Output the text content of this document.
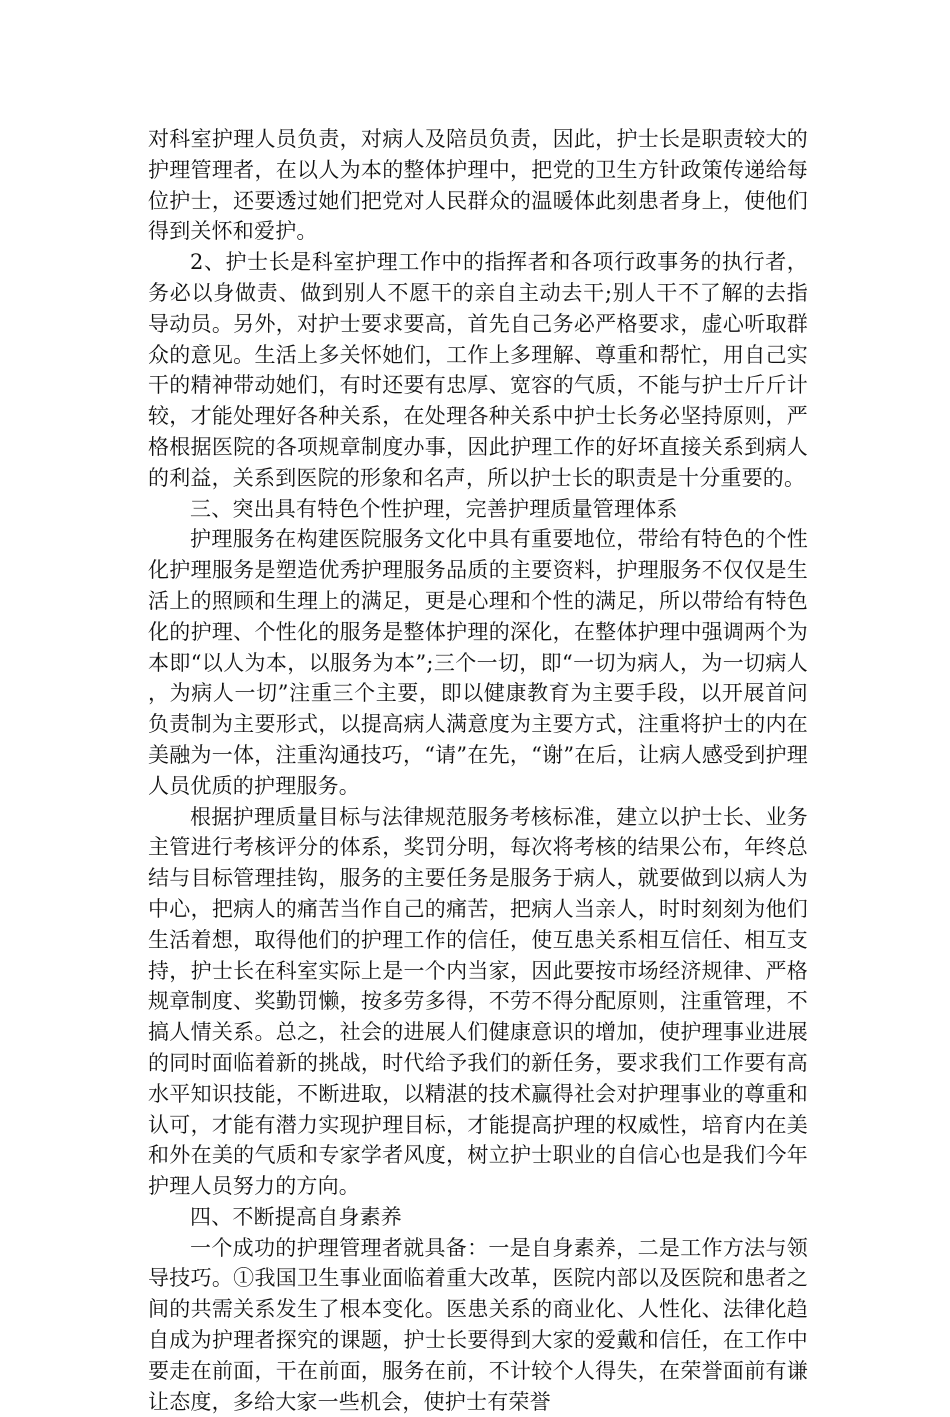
对科室护理人员负责，对病人及陪员负责，因此，护士长是职责较大的护理管理者，在以人为本的整体护理中，把党的卫生方针政策传递给每位护士，还要透过她们把党对人民群众的温暖体此刻患者身上，使他们得到关怀和爱护。

2、护士长是科室护理工作中的指挥者和各项行政事务的执行者，务必以身做责、做到别人不愿干的亲自主动去干;别人干不了解的去指导动员。另外，对护士要求要高，首先自己务必严格要求，虚心听取群众的意见。生活上多关怀她们，工作上多理解、尊重和帮忙，用自己实干的精神带动她们，有时还要有忠厚、宽容的气质，不能与护士斤斤计较，才能处理好各种关系，在处理各种关系中护士长务必坚持原则，严格根据医院的各项规章制度办事，因此护理工作的好坏直接关系到病人的利益，关系到医院的形象和名声，所以护士长的职责是十分重要的。

三、突出具有特色个性护理，完善护理质量管理体系

护理服务在构建医院服务文化中具有重要地位，带给有特色的个性化护理服务是塑造优秀护理服务品质的主要资料，护理服务不仅仅是生活上的照顾和生理上的满足，更是心理和个性的满足，所以带给有特色化的护理、个性化的服务是整体护理的深化，在整体护理中强调两个为本即“以人为本，以服务为本”;三个一切，即“一切为病人，为一切病人，为病人一切”注重三个主要，即以健康教育为主要手段，以开展首问负责制为主要形式，以提高病人满意度为主要方式，注重将护士的内在美融为一体，注重沟通技巧，“请”在先，“谢”在后，让病人感受到护理人员优质的护理服务。

根据护理质量目标与法律规范服务考核标准，建立以护士长、业务主管进行考核评分的体系，奖罚分明，每次将考核的结果公布，年终总结与目标管理挂钩，服务的主要任务是服务于病人，就要做到以病人为中心，把病人的痛苦当作自己的痛苦，把病人当亲人，时时刻刻为他们生活着想，取得他们的护理工作的信任，使互患关系相互信任、相互支持，护士长在科室实际上是一个内当家，因此要按市场经济规律、严格规章制度、奖勤罚懒，按多劳多得，不劳不得分配原则，注重管理，不搞人情关系。总之，社会的进展人们健康意识的增加，使护理事业进展的同时面临着新的挑战，时代给予我们的新任务，要求我们工作要有高水平知识技能，不断进取，以精湛的技术赢得社会对护理事业的尊重和认可，才能有潜力实现护理目标，才能提高护理的权威性，培育内在美和外在美的气质和专家学者风度，树立护士职业的自信心也是我们今年护理人员努力的方向。

四、不断提高自身素养

一个成功的护理管理者就具备：一是自身素养，二是工作方法与领导技巧。①我国卫生事业面临着重大改革，医院内部以及医院和患者之间的共需关系发生了根本变化。医患关系的商业化、人性化、法律化趋自成为护理者探究的课题，护士长要得到大家的爱戴和信任，在工作中要走在前面，干在前面，服务在前，不计较个人得失，在荣誉面前有谦让态度，多给大家一些机会，使护士有荣誉
